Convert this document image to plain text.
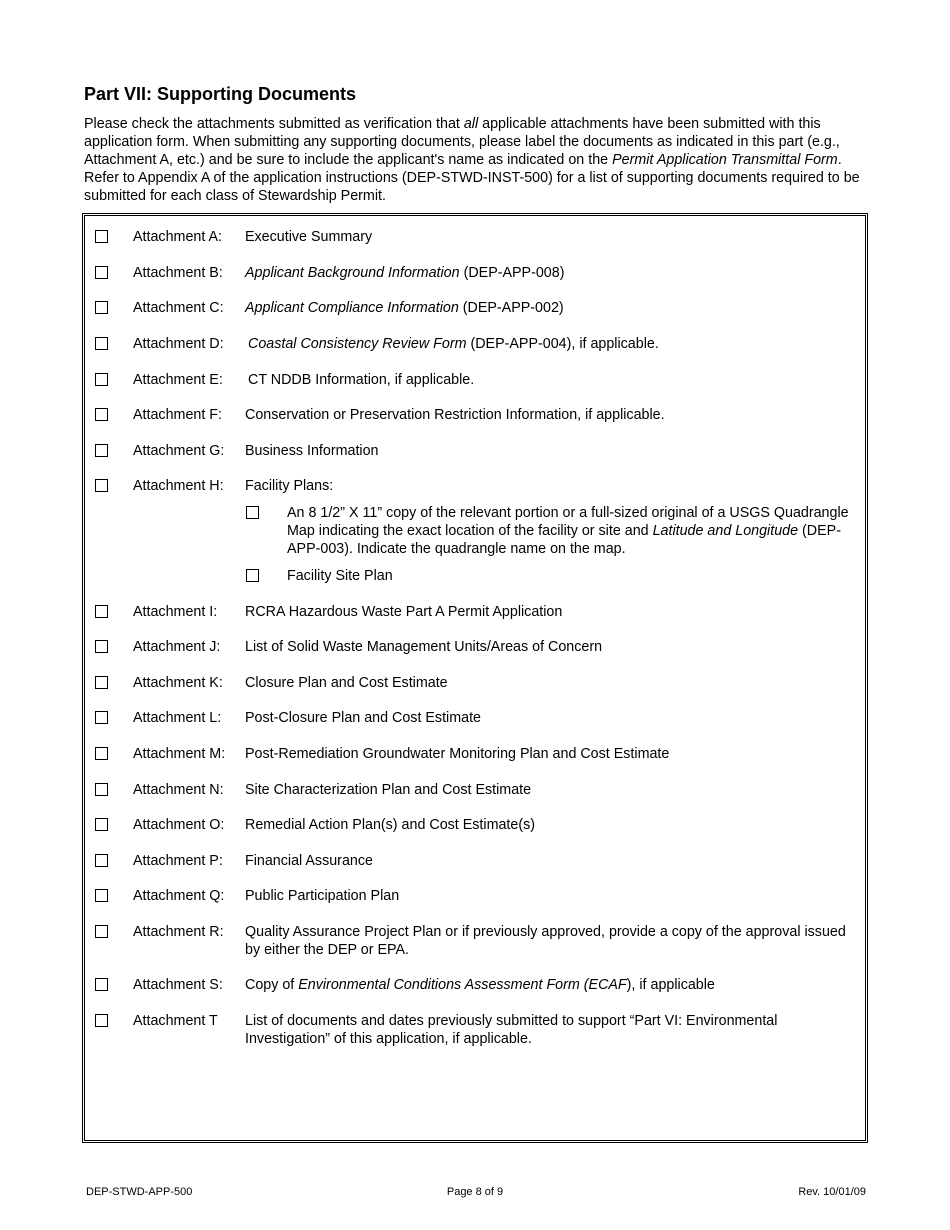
Part VII: Supporting Documents

Please check the attachments submitted as verification that all applicable attachments have been submitted with this application form. When submitting any supporting documents, please label the documents as indicated in this part (e.g., Attachment A, etc.) and be sure to include the applicant's name as indicated on the Permit Application Transmittal Form. Refer to Appendix A of the application instructions (DEP-STWD-INST-500) for a list of supporting documents required to be submitted for each class of Stewardship Permit.

Attachment A: Executive Summary
Attachment B: Applicant Background Information (DEP-APP-008)
Attachment C: Applicant Compliance Information (DEP-APP-002)
Attachment D: Coastal Consistency Review Form (DEP-APP-004), if applicable.
Attachment E: CT NDDB Information, if applicable.
Attachment F: Conservation or Preservation Restriction Information, if applicable.
Attachment G: Business Information
Attachment H: Facility Plans:
An 8 1/2” X 11” copy of the relevant portion or a full-sized original of a USGS Quadrangle Map indicating the exact location of the facility or site and Latitude and Longitude (DEP-APP-003). Indicate the quadrangle name on the map.
Facility Site Plan
Attachment I: RCRA Hazardous Waste Part A Permit Application
Attachment J: List of Solid Waste Management Units/Areas of Concern
Attachment K: Closure Plan and Cost Estimate
Attachment L: Post-Closure Plan and Cost Estimate
Attachment M: Post-Remediation Groundwater Monitoring Plan and Cost Estimate
Attachment N: Site Characterization Plan and Cost Estimate
Attachment O: Remedial Action Plan(s) and Cost Estimate(s)
Attachment P: Financial Assurance
Attachment Q: Public Participation Plan
Attachment R: Quality Assurance Project Plan or if previously approved, provide a copy of the approval issued by either the DEP or EPA.
Attachment S: Copy of Environmental Conditions Assessment Form (ECAF), if applicable
Attachment T List of documents and dates previously submitted to support “Part VI: Environmental Investigation” of this application, if applicable.
DEP-STWD-APP-500	Page 8 of 9	Rev. 10/01/09
